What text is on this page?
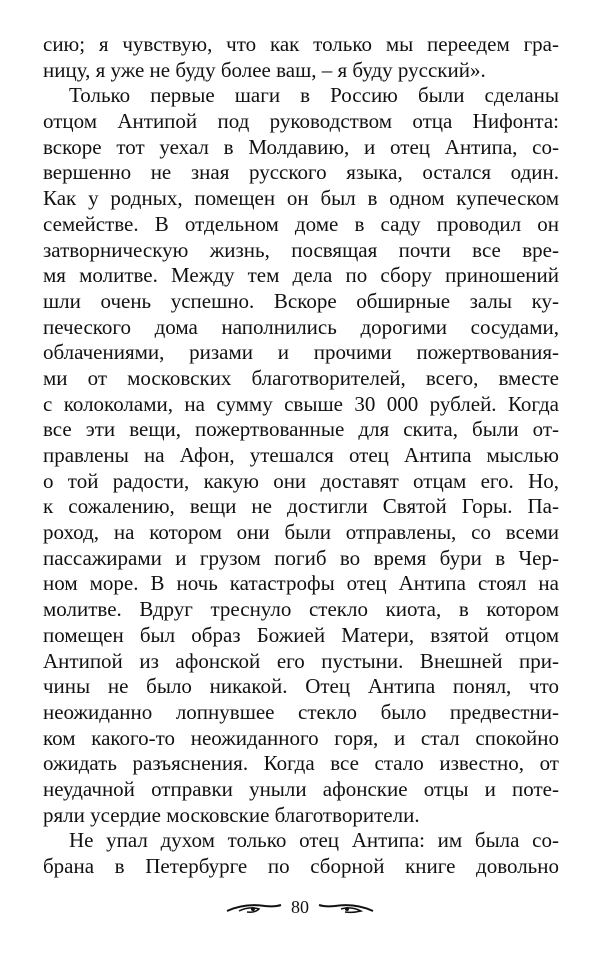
сию; я чувствую, что как только мы переедем гра-
ницу, я уже не буду более ваш, – я буду русский».
Только первые шаги в Россию были сделаны
отцом Антипой под руководством отца Нифонта:
вскоре тот уехал в Молдавию, и отец Антипа, со-
вершенно не зная русского языка, остался один.
Как у родных, помещен он был в одном купеческом
семействе. В отдельном доме в саду проводил он
затворническую жизнь, посвящая почти все вре-
мя молитве. Между тем дела по сбору приношений
шли очень успешно. Вскоре обширные залы ку-
печеского дома наполнились дорогими сосудами,
облачениями, ризами и прочими пожертвования-
ми от московских благотворителей, всего, вместе
с колоколами, на сумму свыше 30 000 рублей. Когда
все эти вещи, пожертвованные для скита, были от-
правлены на Афон, утешался отец Антипа мыслью
о той радости, какую они доставят отцам его. Но,
к сожалению, вещи не достигли Святой Горы. Па-
роход, на котором они были отправлены, со всеми
пассажирами и грузом погиб во время бури в Чер-
ном море. В ночь катастрофы отец Антипа стоял на
молитве. Вдруг треснуло стекло киота, в котором
помещен был образ Божией Матери, взятой отцом
Антипой из афонской его пустыни. Внешней при-
чины не было никакой. Отец Антипа понял, что
неожиданно лопнувшее стекло было предвестни-
ком какого-то неожиданного горя, и стал спокойно
ожидать разъяснения. Когда все стало известно, от
неудачной отправки уныли афонские отцы и поте-
ряли усердие московские благотворители.
Не упал духом только отец Антипа: им была со-
брана в Петербурге по сборной книге довольно
80
